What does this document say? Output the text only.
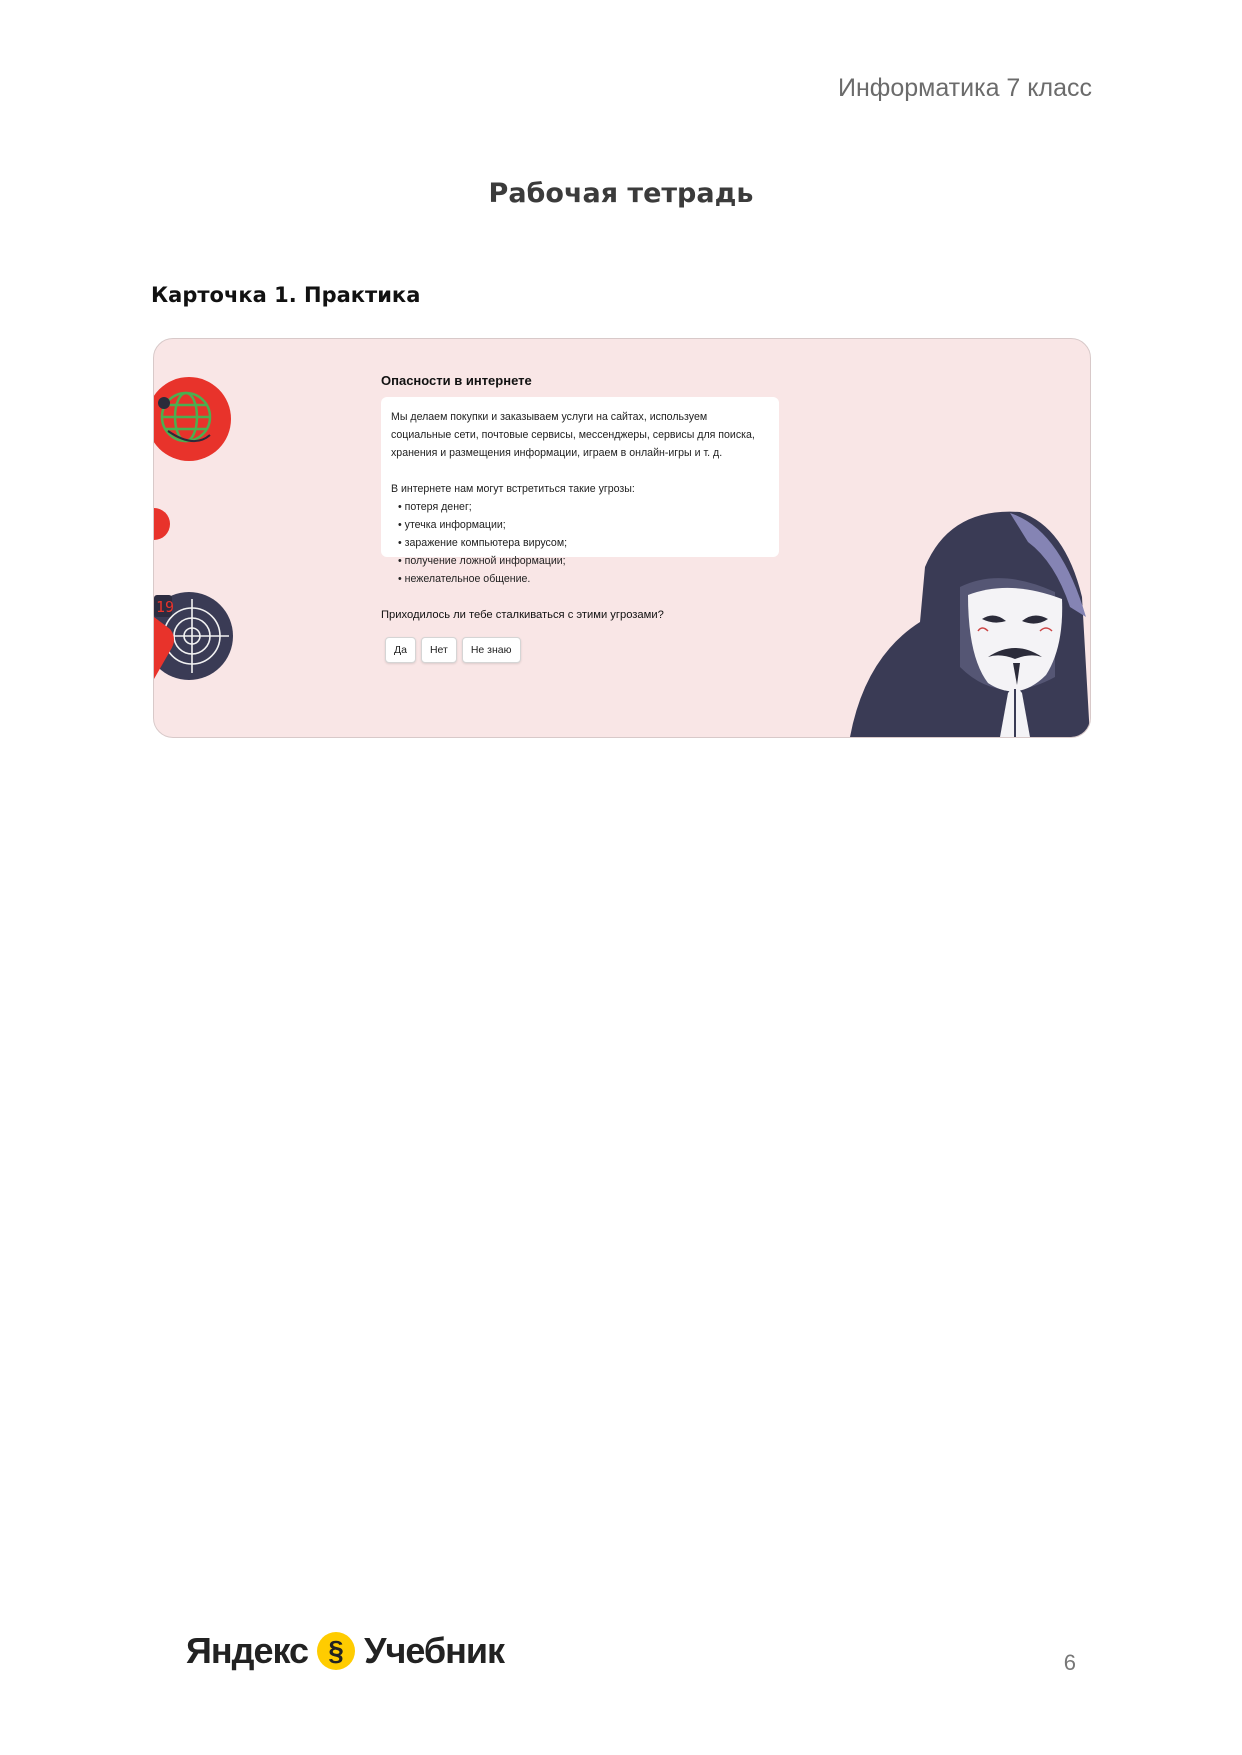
Информатика 7 класс
Рабочая тетрадь
Карточка 1. Практика
19
Опасности в интернете

Мы делаем покупки и заказываем услуги на сайтах, используем социальные сети, почтовые сервисы, мессенджеры, сервисы для поиска, хранения и размещения информации, играем в онлайн-игры и т. д.

В интернете нам могут встретиться такие угрозы:

• потеря денег;
• утечка информации;
• заражение компьютера вирусом;
• получение ложной информации;
• нежелательное общение.
Приходилось ли тебе сталкиваться с этими угрозами?
Да	Нет	Не знаю
Яндекс § Учебник	6
